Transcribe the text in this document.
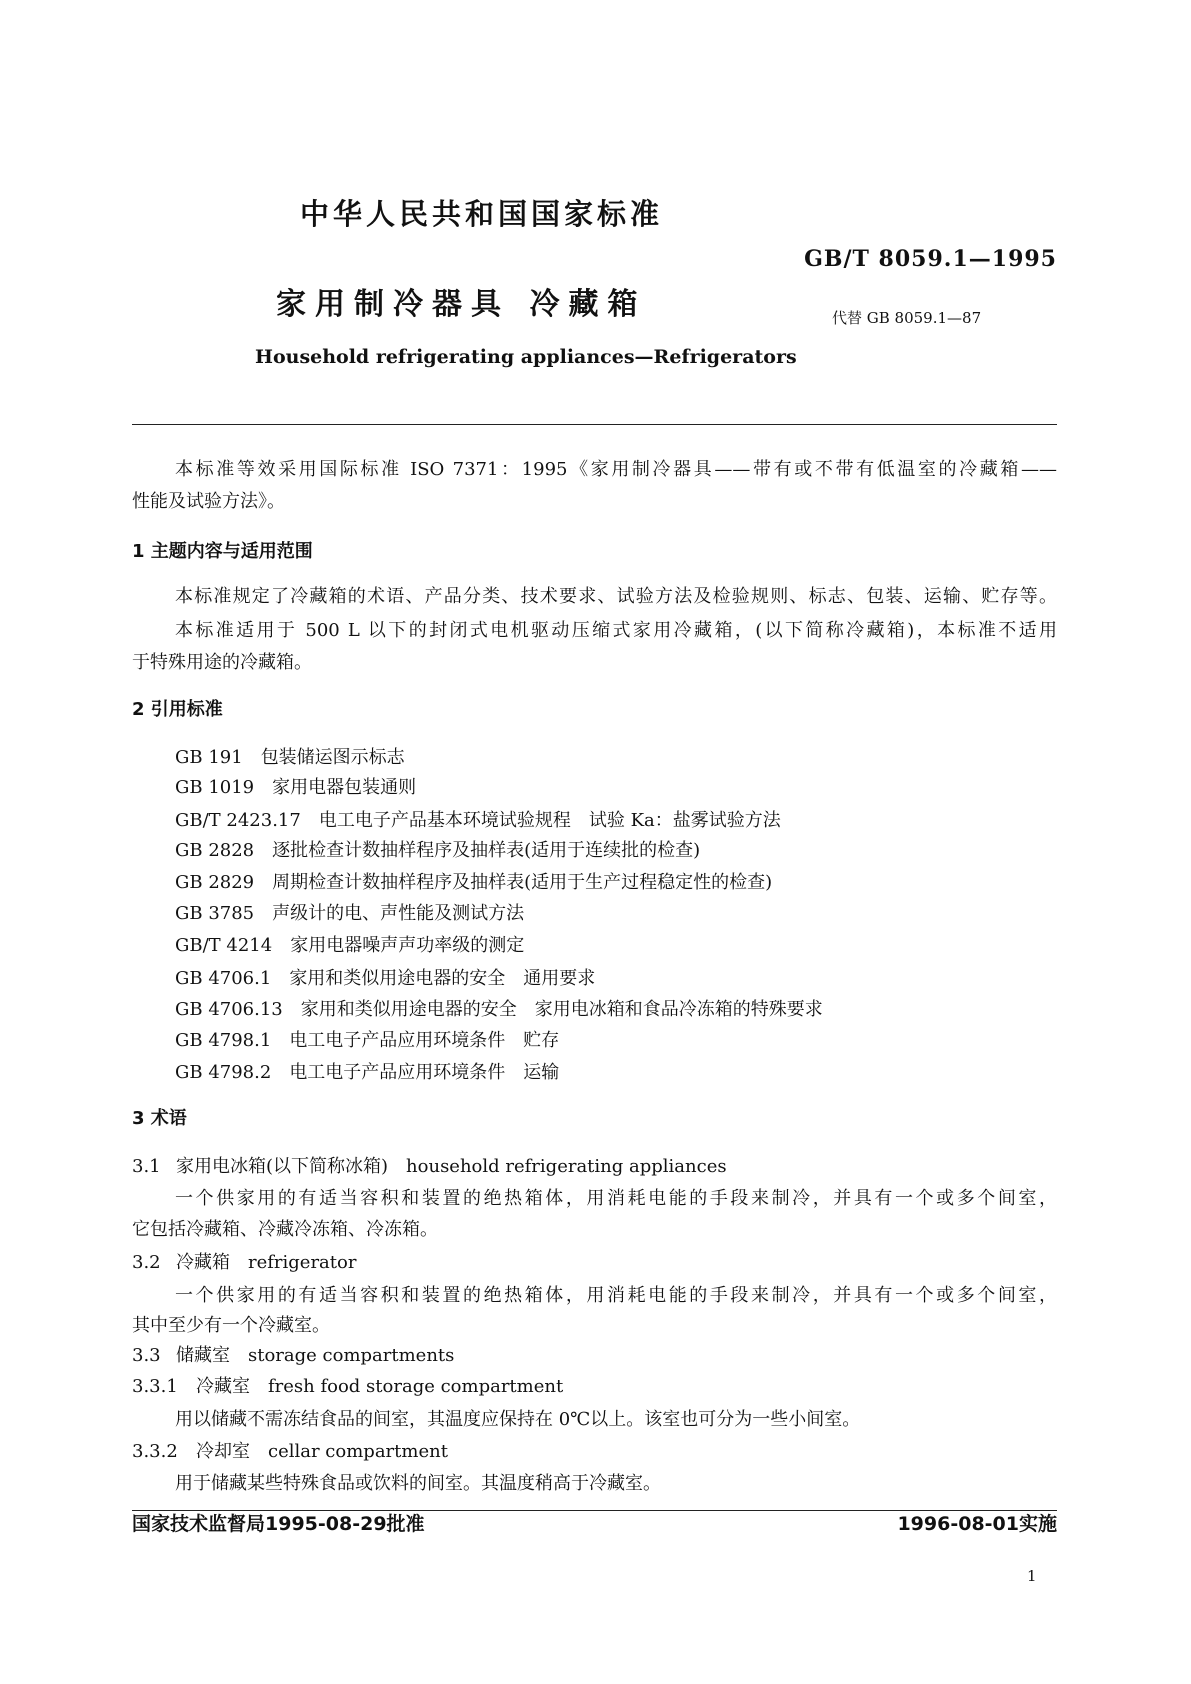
中华人民共和国国家标准
GB/T 8059.1—1995
家用制冷器具 冷藏箱	代替 GB 8059.1—87
Household refrigerating appliances—Refrigerators
本标准等效采用国际标准 ISO 7371：1995《家用制冷器具——带有或不带有低温室的冷藏箱——
性能及试验方法》。
1 主题内容与适用范围
本标准规定了冷藏箱的术语、产品分类、技术要求、试验方法及检验规则、标志、包装、运输、贮存等。
本标准适用于 500 L 以下的封闭式电机驱动压缩式家用冷藏箱，(以下简称冷藏箱)，本标准不适用
于特殊用途的冷藏箱。
2 引用标准
GB 191 包装储运图示标志
GB 1019 家用电器包装通则
GB/T 2423.17 电工电子产品基本环境试验规程　试验 Ka：盐雾试验方法
GB 2828 逐批检查计数抽样程序及抽样表(适用于连续批的检查)
GB 2829 周期检查计数抽样程序及抽样表(适用于生产过程稳定性的检查)
GB 3785 声级计的电、声性能及测试方法
GB/T 4214 家用电器噪声声功率级的测定
GB 4706.1 家用和类似用途电器的安全　通用要求
GB 4706.13 家用和类似用途电器的安全　家用电冰箱和食品冷冻箱的特殊要求
GB 4798.1 电工电子产品应用环境条件　贮存
GB 4798.2 电工电子产品应用环境条件　运输
3 术语
3.1 家用电冰箱(以下简称冰箱)　household refrigerating appliances
一个供家用的有适当容积和装置的绝热箱体，用消耗电能的手段来制冷，并具有一个或多个间室，
它包括冷藏箱、冷藏冷冻箱、冷冻箱。
3.2 冷藏箱　refrigerator
一个供家用的有适当容积和装置的绝热箱体，用消耗电能的手段来制冷，并具有一个或多个间室，
其中至少有一个冷藏室。
3.3 储藏室　storage compartments
3.3.1 冷藏室　fresh food storage compartment
用以储藏不需冻结食品的间室，其温度应保持在 0℃以上。该室也可分为一些小间室。
3.3.2 冷却室　cellar compartment
用于储藏某些特殊食品或饮料的间室。其温度稍高于冷藏室。
国家技术监督局1995-08-29批准	1996-08-01实施
1
